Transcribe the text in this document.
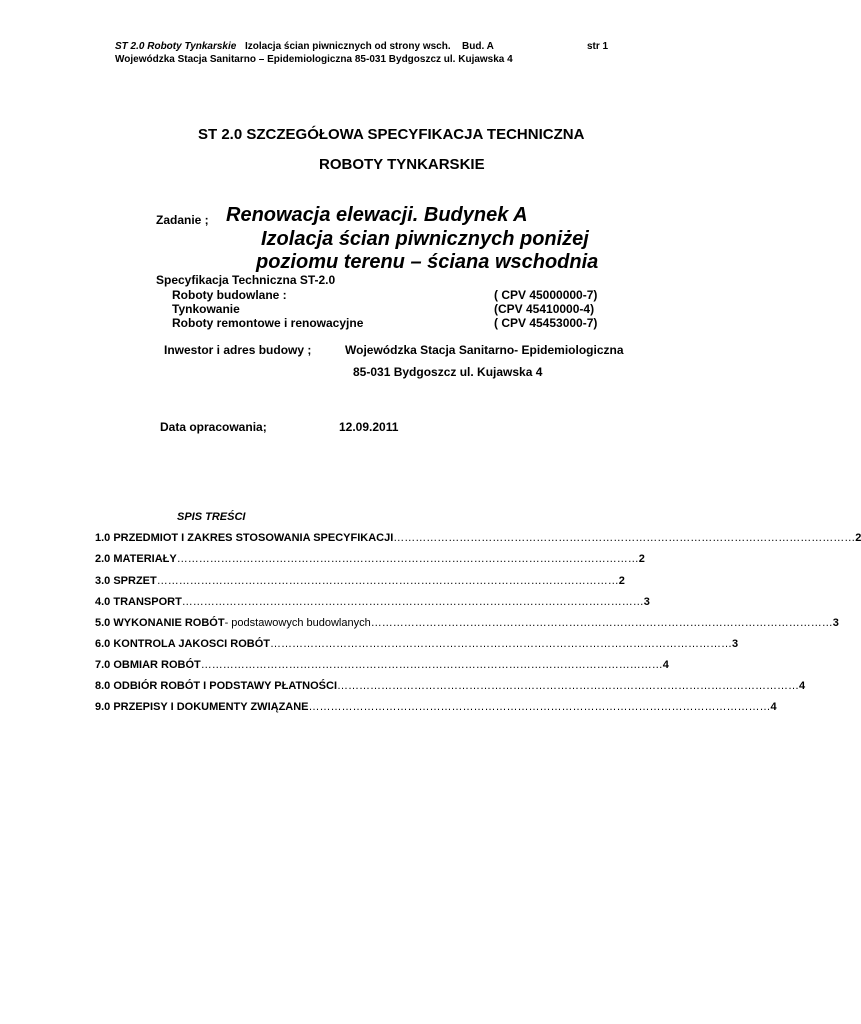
ST 2.0 Roboty Tynkarskie Izolacja ścian piwnicznych od strony wsch. Bud. A	str 1
Wojewódzka Stacja Sanitarno – Epidemiologiczna 85-031 Bydgoszcz ul. Kujawska 4
ST 2.0 SZCZEGÓŁOWA SPECYFIKACJA TECHNICZNA
ROBOTY TYNKARSKIE
Zadanie ; Renowacja elewacji. Budynek A
Izolacja ścian piwnicznych poniżej
poziomu terenu – ściana wschodnia
Specyfikacja Techniczna ST-2.0
Roboty budowlane :	( CPV 45000000-7)
Tynkowanie	(CPV 45410000-4)
Roboty remontowe i renowacyjne	( CPV 45453000-7)
Inwestor i adres budowy ;	Wojewódzka Stacja Sanitarno- Epidemiologiczna
85-031 Bydgoszcz ul. Kujawska 4
Data opracowania;	12.09.2011
SPIS TREŚCI
1.0 PRZEDMIOT I ZAKRES STOSOWANIA SPECYFIKACJI ……………………………………………………………………………………………………………… 2
2.0 MATERIAŁY ……………………………………………………………………………………………………………… 2
3.0 SPRZET ……………………………………………………………………………………………………………… 2
4.0 TRANSPORT ……………………………………………………………………………………………………………… 3
5.0 WYKONANIE ROBÓT- podstawowych budowlanych ……………………………………………………………………………………………………………… 3
6.0 KONTROLA JAKOSCI ROBÓT ……………………………………………………………………………………………………………… 3
7.0 OBMIAR ROBÓT ……………………………………………………………………………………………………………… 4
8.0 ODBIÓR ROBÓT I PODSTAWY PŁATNOŚCI ……………………………………………………………………………………………………………… 4
9.0 PRZEPISY I DOKUMENTY ZWIĄZANE ……………………………………………………………………………………………………………… 4
